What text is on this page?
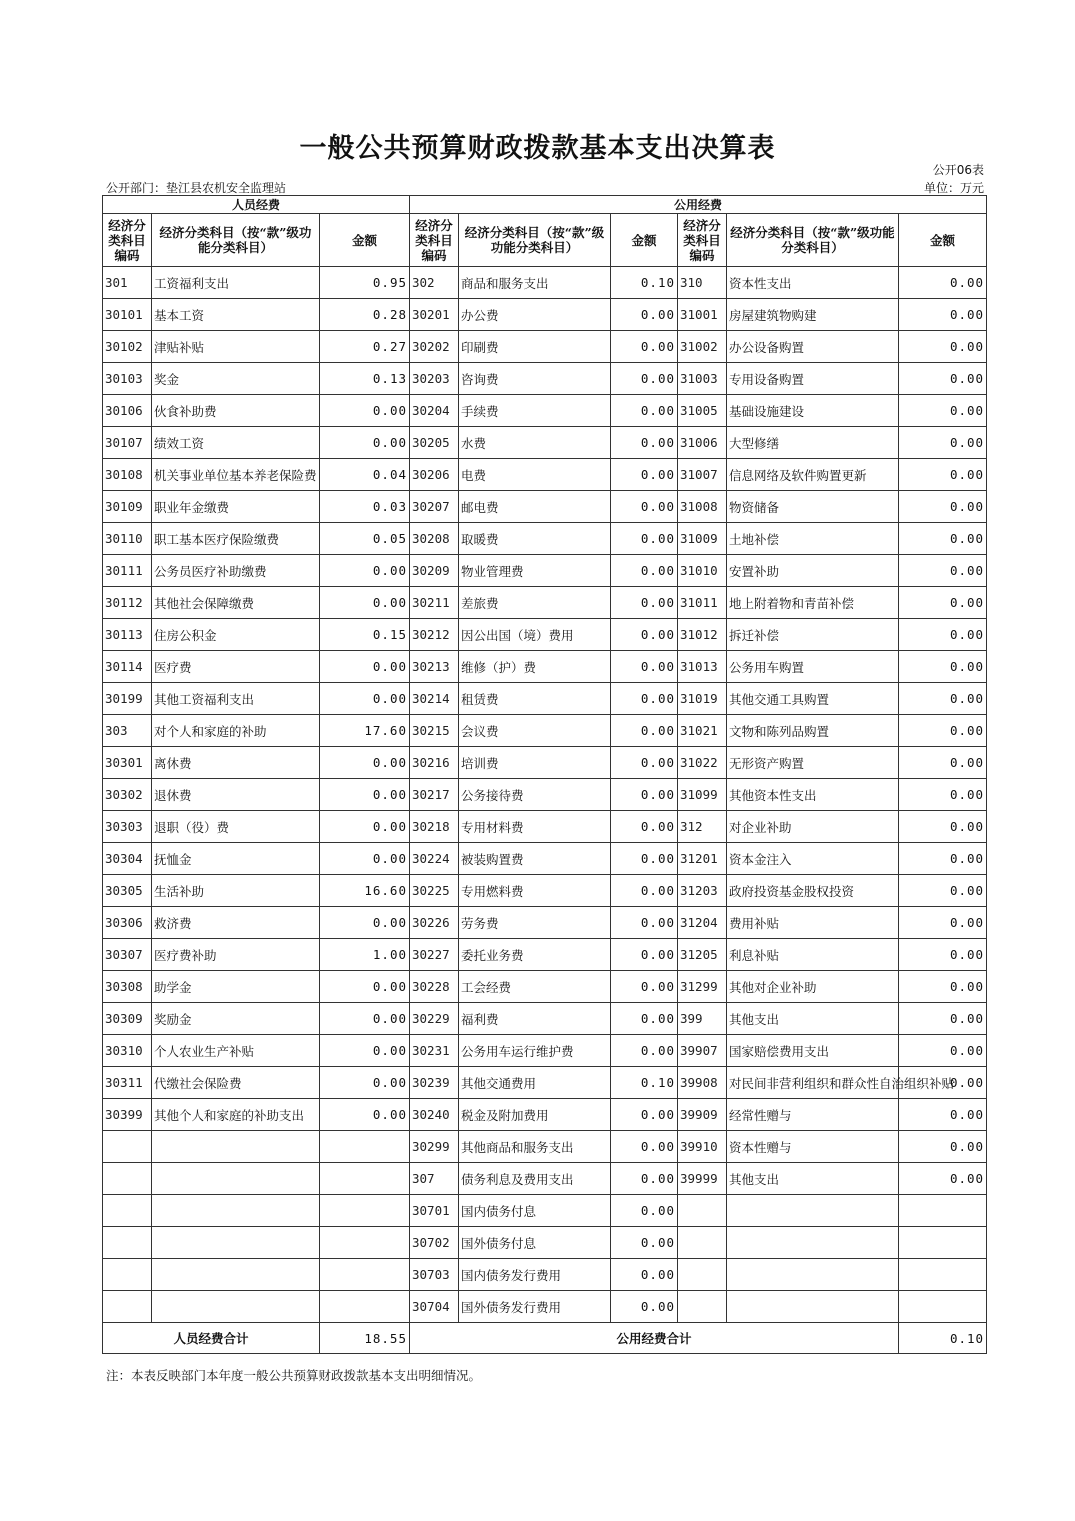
一般公共预算财政拨款基本支出决算表
公开06表
公开部门：垫江县农机安全监理站	单位：万元
人员经费			公用经费					
经济分类科目编码	经济分类科目（按“款”级功能分类科目）	金额	经济分类科目编码	经济分类科目（按“款”级功能分类科目）	金额	经济分类科目编码	经济分类科目（按“款”级功能分类科目）	金额
301	工资福利支出	0.95	302	商品和服务支出	0.10	310	资本性支出	0.00
30101	基本工资	0.28	30201	办公费	0.00	31001	房屋建筑物购建	0.00
30102	津贴补贴	0.27	30202	印刷费	0.00	31002	办公设备购置	0.00
30103	奖金	0.13	30203	咨询费	0.00	31003	专用设备购置	0.00
30106	伙食补助费	0.00	30204	手续费	0.00	31005	基础设施建设	0.00
30107	绩效工资	0.00	30205	水费	0.00	31006	大型修缮	0.00
30108	机关事业单位基本养老保险费	0.04	30206	电费	0.00	31007	信息网络及软件购置更新	0.00
30109	职业年金缴费	0.03	30207	邮电费	0.00	31008	物资储备	0.00
30110	职工基本医疗保险缴费	0.05	30208	取暖费	0.00	31009	土地补偿	0.00
30111	公务员医疗补助缴费	0.00	30209	物业管理费	0.00	31010	安置补助	0.00
30112	其他社会保障缴费	0.00	30211	差旅费	0.00	31011	地上附着物和青苗补偿	0.00
30113	住房公积金	0.15	30212	因公出国（境）费用	0.00	31012	拆迁补偿	0.00
30114	医疗费	0.00	30213	维修（护）费	0.00	31013	公务用车购置	0.00
30199	其他工资福利支出	0.00	30214	租赁费	0.00	31019	其他交通工具购置	0.00
303	对个人和家庭的补助	17.60	30215	会议费	0.00	31021	文物和陈列品购置	0.00
30301	离休费	0.00	30216	培训费	0.00	31022	无形资产购置	0.00
30302	退休费	0.00	30217	公务接待费	0.00	31099	其他资本性支出	0.00
30303	退职（役）费	0.00	30218	专用材料费	0.00	312	对企业补助	0.00
30304	抚恤金	0.00	30224	被装购置费	0.00	31201	资本金注入	0.00
30305	生活补助	16.60	30225	专用燃料费	0.00	31203	政府投资基金股权投资	0.00
30306	救济费	0.00	30226	劳务费	0.00	31204	费用补贴	0.00
30307	医疗费补助	1.00	30227	委托业务费	0.00	31205	利息补贴	0.00
30308	助学金	0.00	30228	工会经费	0.00	31299	其他对企业补助	0.00
30309	奖励金	0.00	30229	福利费	0.00	399	其他支出	0.00
30310	个人农业生产补贴	0.00	30231	公务用车运行维护费	0.00	39907	国家赔偿费用支出	0.00
30311	代缴社会保险费	0.00	30239	其他交通费用	0.10	39908	对民间非营利组织和群众性自治组织补贴	0.00
30399	其他个人和家庭的补助支出	0.00	30240	税金及附加费用	0.00	39909	经常性赠与	0.00
			30299	其他商品和服务支出	0.00	39910	资本性赠与	0.00
			307	债务利息及费用支出	0.00	39999	其他支出	0.00
			30701	国内债务付息	0.00			
			30702	国外债务付息	0.00			
			30703	国内债务发行费用	0.00			
			30704	国外债务发行费用	0.00			
人员经费合计		18.55	公用经费合计					0.10
注：本表反映部门本年度一般公共预算财政拨款基本支出明细情况。
